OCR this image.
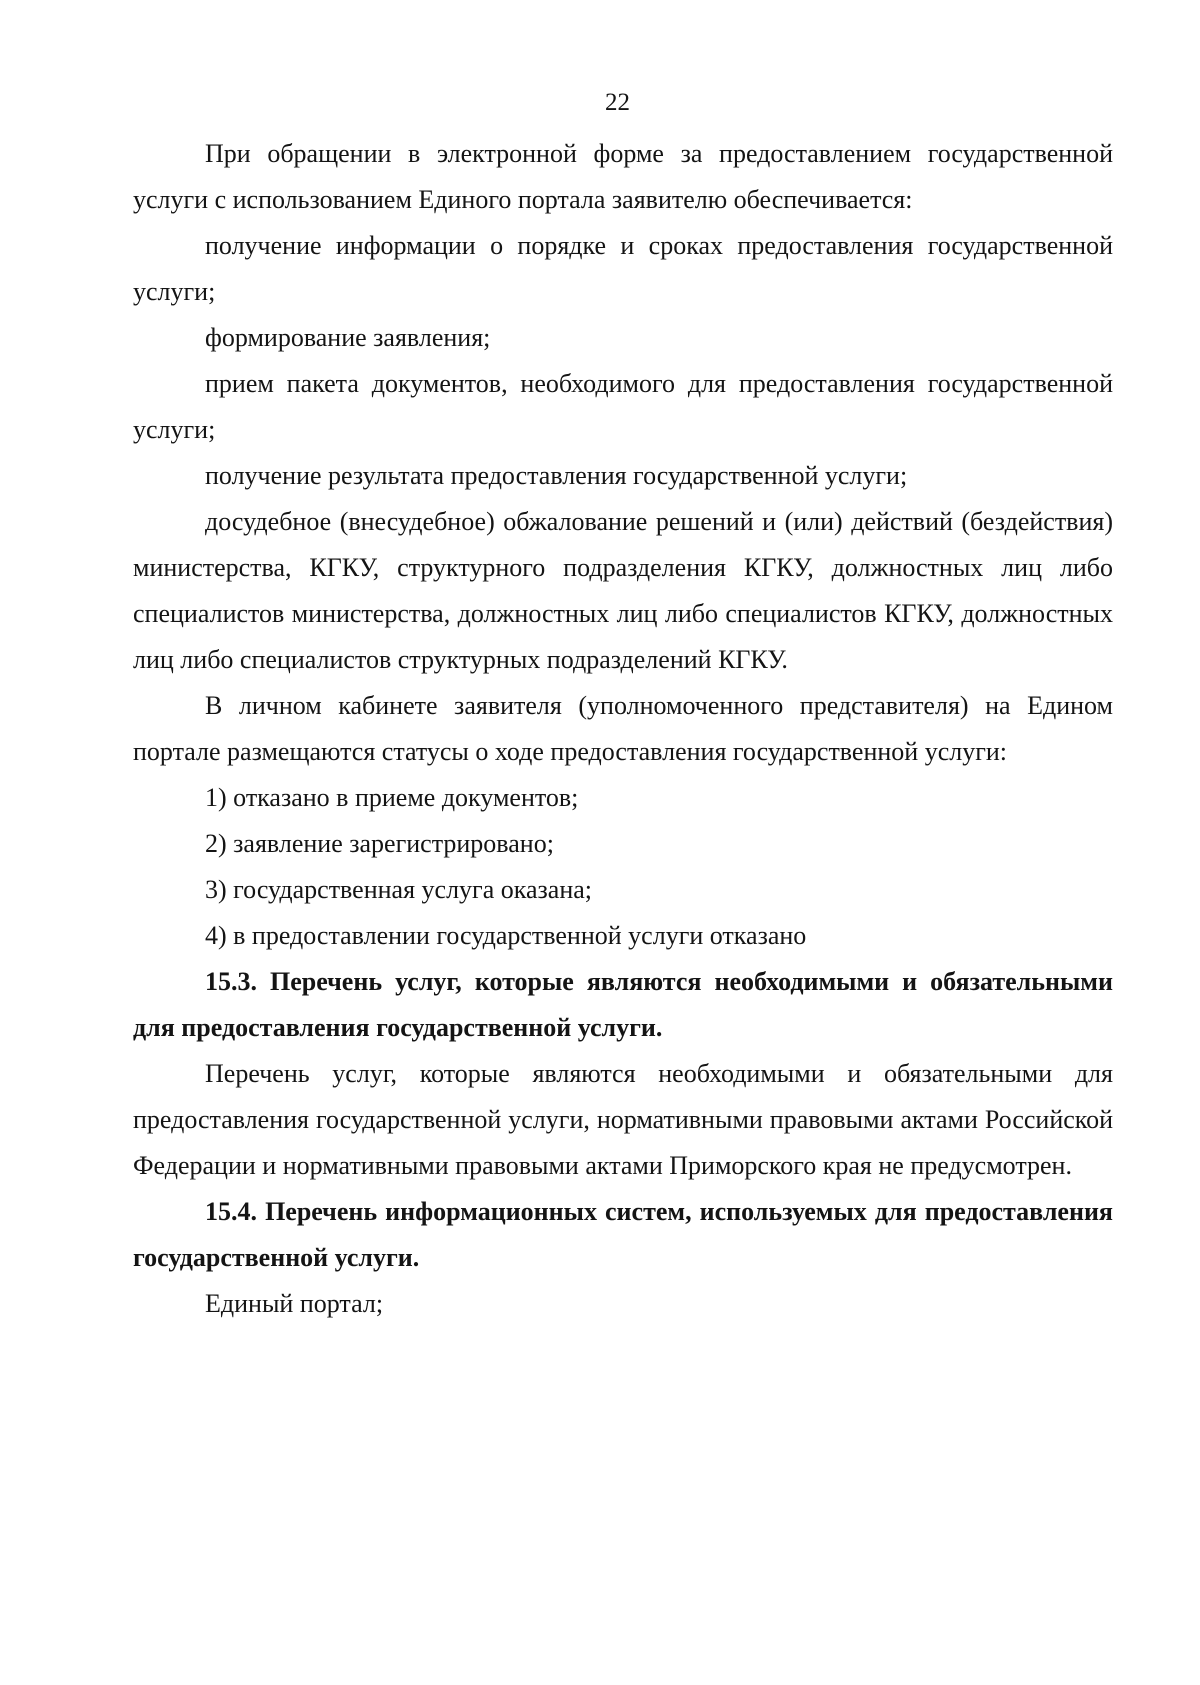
22

При обращении в электронной форме за предоставлением государственной услуги с использованием Единого портала заявителю обеспечивается:

получение информации о порядке и сроках предоставления государственной услуги;

формирование заявления;

прием пакета документов, необходимого для предоставления государственной услуги;

получение результата предоставления государственной услуги;

досудебное (внесудебное) обжалование решений и (или) действий (бездействия) министерства, КГКУ, структурного подразделения КГКУ, должностных лиц либо специалистов министерства, должностных лиц либо специалистов КГКУ, должностных лиц либо специалистов структурных подразделений КГКУ.

В личном кабинете заявителя (уполномоченного представителя) на Едином портале размещаются статусы о ходе предоставления государственной услуги:

1) отказано в приеме документов;

2) заявление зарегистрировано;

3) государственная услуга оказана;

4) в предоставлении государственной услуги отказано

15.3. Перечень услуг, которые являются необходимыми и обязательными для предоставления государственной услуги.

Перечень услуг, которые являются необходимыми и обязательными для предоставления государственной услуги, нормативными правовыми актами Российской Федерации и нормативными правовыми актами Приморского края не предусмотрен.

15.4. Перечень информационных систем, используемых для предоставления государственной услуги.

Единый портал;
